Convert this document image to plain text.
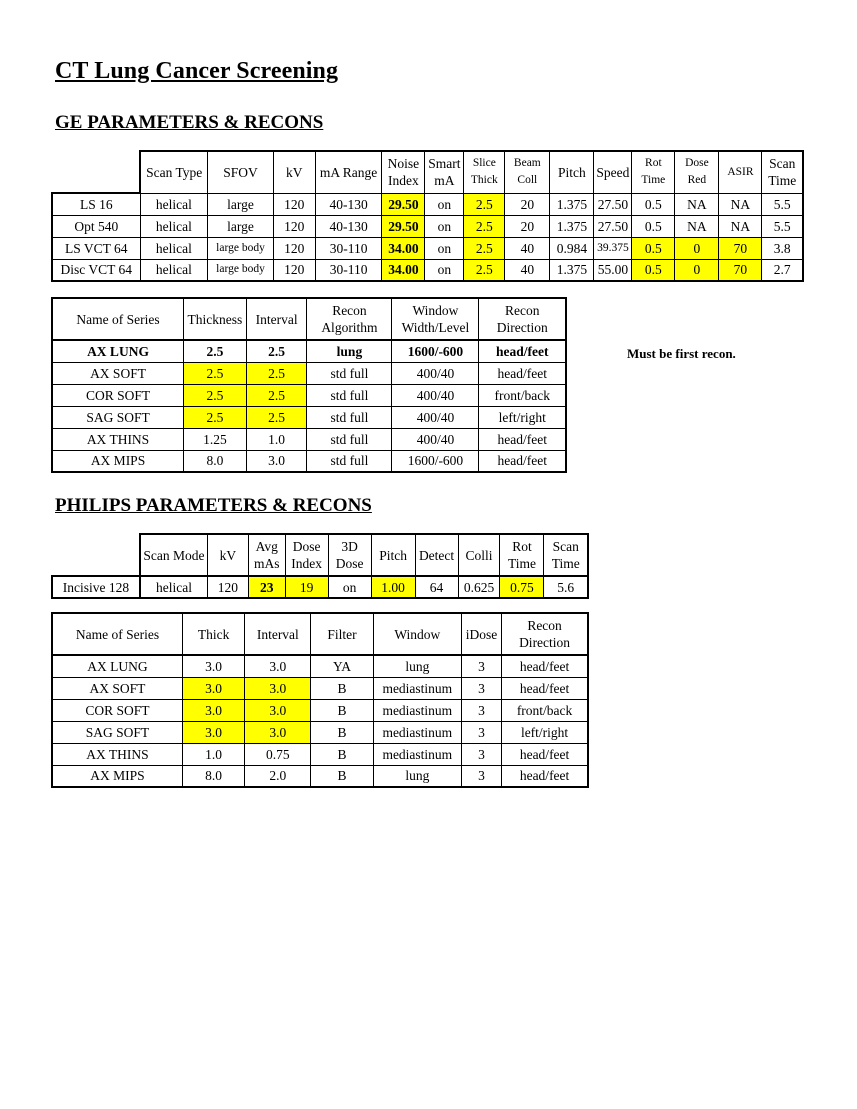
CT Lung Cancer Screening
GE PARAMETERS & RECONS
	Scan Type	SFOV	kV	mA Range	Noise Index	Smart mA	Slice Thick	Beam Coll	Pitch	Speed	Rot Time	Dose Red	ASIR	Scan Time
LS 16	helical	large	120	40-130	29.50	on	2.5	20	1.375	27.50	0.5	NA	NA	5.5
Opt 540	helical	large	120	40-130	29.50	on	2.5	20	1.375	27.50	0.5	NA	NA	5.5
LS VCT 64	helical	large body	120	30-110	34.00	on	2.5	40	0.984	39.375	0.5	0	70	3.8
Disc VCT 64	helical	large body	120	30-110	34.00	on	2.5	40	1.375	55.00	0.5	0	70	2.7
Name of Series	Thickness	Interval	Recon Algorithm	Window Width/Level	Recon Direction
AX LUNG	2.5	2.5	lung	1600/-600	head/feet
AX SOFT	2.5	2.5	std full	400/40	head/feet
COR SOFT	2.5	2.5	std full	400/40	front/back
SAG SOFT	2.5	2.5	std full	400/40	left/right
AX THINS	1.25	1.0	std full	400/40	head/feet
AX MIPS	8.0	3.0	std full	1600/-600	head/feet
Must be first recon.
PHILIPS PARAMETERS & RECONS
	Scan Mode	kV	Avg mAs	Dose Index	3D Dose	Pitch	Detect	Colli	Rot Time	Scan Time
Incisive 128	helical	120	23	19	on	1.00	64	0.625	0.75	5.6
Name of Series	Thick	Interval	Filter	Window	iDose	Recon Direction
AX LUNG	3.0	3.0	YA	lung	3	head/feet
AX SOFT	3.0	3.0	B	mediastinum	3	head/feet
COR SOFT	3.0	3.0	B	mediastinum	3	front/back
SAG SOFT	3.0	3.0	B	mediastinum	3	left/right
AX THINS	1.0	0.75	B	mediastinum	3	head/feet
AX MIPS	8.0	2.0	B	lung	3	head/feet
